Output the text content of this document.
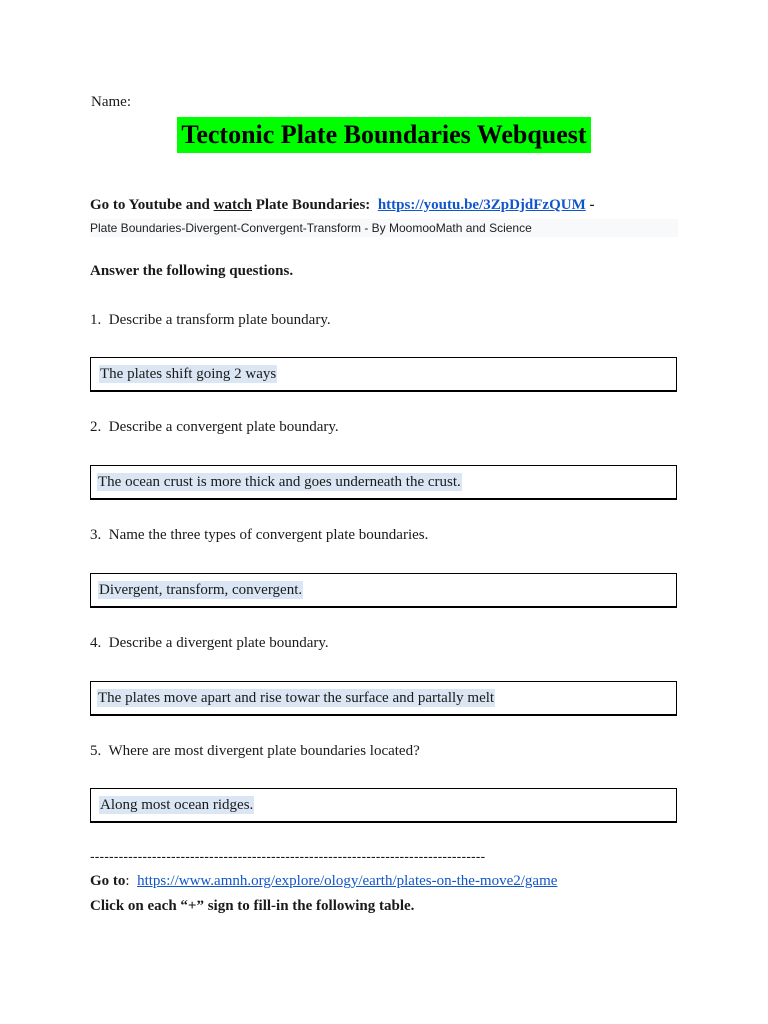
Name:
Tectonic Plate Boundaries Webquest
Go to Youtube and watch Plate Boundaries: https://youtu.be/3ZpDjdFzQUM -
Plate Boundaries-Divergent-Convergent-Transform - By MoomooMath and Science
Answer the following questions.
1. Describe a transform plate boundary.
The plates shift going 2 ways
2. Describe a convergent plate boundary.
The ocean crust is more thick and goes underneath the crust.
3. Name the three types of convergent plate boundaries.
Divergent, transform, convergent.
4. Describe a divergent plate boundary.
The plates move apart and rise towar the surface and partally melt
5. Where are most divergent plate boundaries located?
Along most ocean ridges.
-----------------------------------------------------------------------------------
Go to:  https://www.amnh.org/explore/ology/earth/plates-on-the-move2/game
Click on each “+” sign to fill-in the following table.
